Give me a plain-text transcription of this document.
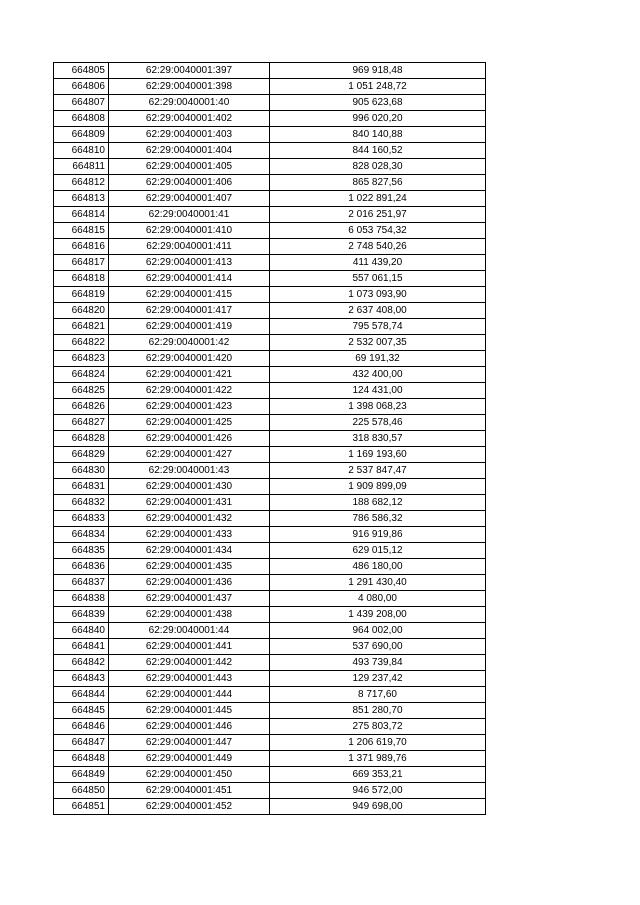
664805	62:29:0040001:397	969 918,48
664806	62:29:0040001:398	1 051 248,72
664807	62:29:0040001:40	905 623,68
664808	62:29:0040001:402	996 020,20
664809	62:29:0040001:403	840 140,88
664810	62:29:0040001:404	844 160,52
664811	62:29:0040001:405	828 028,30
664812	62:29:0040001:406	865 827,56
664813	62:29:0040001:407	1 022 891,24
664814	62:29:0040001:41	2 016 251,97
664815	62:29:0040001:410	6 053 754,32
664816	62:29:0040001:411	2 748 540,26
664817	62:29:0040001:413	411 439,20
664818	62:29:0040001:414	557 061,15
664819	62:29:0040001:415	1 073 093,90
664820	62:29:0040001:417	2 637 408,00
664821	62:29:0040001:419	795 578,74
664822	62:29:0040001:42	2 532 007,35
664823	62:29:0040001:420	69 191,32
664824	62:29:0040001:421	432 400,00
664825	62:29:0040001:422	124 431,00
664826	62:29:0040001:423	1 398 068,23
664827	62:29:0040001:425	225 578,46
664828	62:29:0040001:426	318 830,57
664829	62:29:0040001:427	1 169 193,60
664830	62:29:0040001:43	2 537 847,47
664831	62:29:0040001:430	1 909 899,09
664832	62:29:0040001:431	188 682,12
664833	62:29:0040001:432	786 586,32
664834	62:29:0040001:433	916 919,86
664835	62:29:0040001:434	629 015,12
664836	62:29:0040001:435	486 180,00
664837	62:29:0040001:436	1 291 430,40
664838	62:29:0040001:437	4 080,00
664839	62:29:0040001:438	1 439 208,00
664840	62:29:0040001:44	964 002,00
664841	62:29:0040001:441	537 690,00
664842	62:29:0040001:442	493 739,84
664843	62:29:0040001:443	129 237,42
664844	62:29:0040001:444	8 717,60
664845	62:29:0040001:445	851 280,70
664846	62:29:0040001:446	275 803,72
664847	62:29:0040001:447	1 206 619,70
664848	62:29:0040001:449	1 371 989,76
664849	62:29:0040001:450	669 353,21
664850	62:29:0040001:451	946 572,00
664851	62:29:0040001:452	949 698,00
